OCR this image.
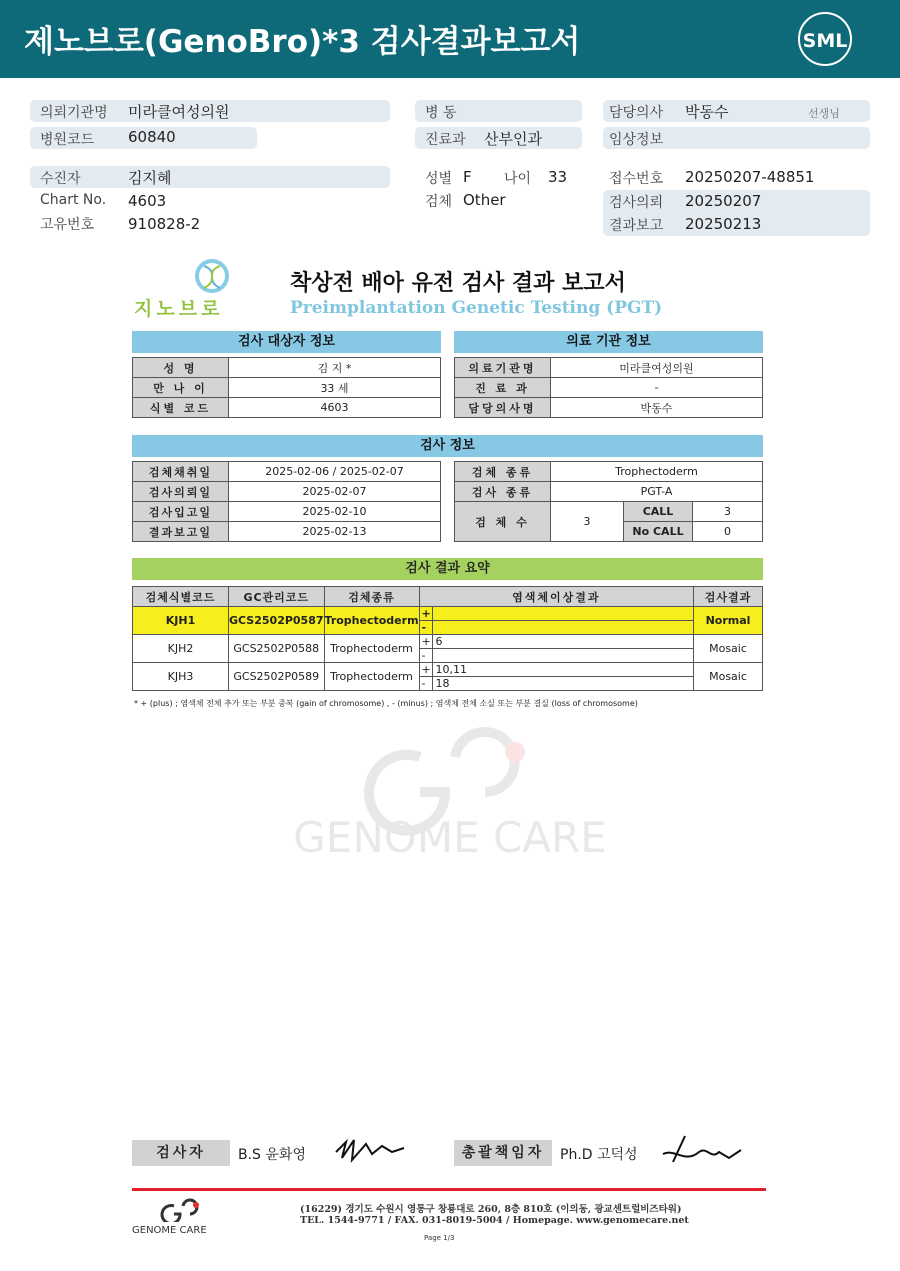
제노브로(GenoBro)*3 검사결과보고서	SML
의뢰기관명 미라클여성의원
병원코드 60840
수진자	김지혜
Chart No. 4603
고유번호 910828-2
병 동
진료과 산부인과
성별 F 나이 33
검체 Other
담당의사 박동수	선생님
임상정보
접수번호 20250207-48851
검사의뢰 20250207
결과보고 20250213
지노브로
착상전 배아 유전 검사 결과 보고서
Preimplantation Genetic Testing (PGT)
검사 대상자 정보	의료 기관 정보
성 명	김 지 *
만 나 이	33 세
식별 코드	4603
의료기관명	미라클여성의원
진 료 과	-
담당의사명	박동수
검사 정보
검체채취일	2025-02-06 / 2025-02-07
검사의뢰일	2025-02-07
검사입고일	2025-02-10
결과보고일	2025-02-13
검체 종류	Trophectoderm		
검사 종류	PGT-A		
검 체 수	3	CALL	3
		No CALL	0
검사 결과 요약
검체식별코드	GC관리코드	검체종류	염색체이상결과		검사결과
KJH1	GCS2502P0587	Trophectoderm	+		Normal
			-		
KJH2	GCS2502P0588	Trophectoderm	+	6	Mosaic
			-		
KJH3	GCS2502P0589	Trophectoderm	+	10,11	Mosaic
			-	18	
* + (plus) ; 염색체 전체 추가 또는 부분 중복 (gain of chromosome) , - (minus) ; 염색체 전체 소실 또는 부분 결실 (loss of chromosome)
GENOME CARE
검사자	B.S 윤화영	총괄책임자	Ph.D 고덕성
GENOME CARE
(16229) 경기도 수원시 영통구 창룡대로 260, 8층 810호 (이의동, 광교센트럴비즈타워)
TEL. 1544-9771 / FAX. 031-8019-5004 / Homepage. www.genomecare.net
Page 1/3
